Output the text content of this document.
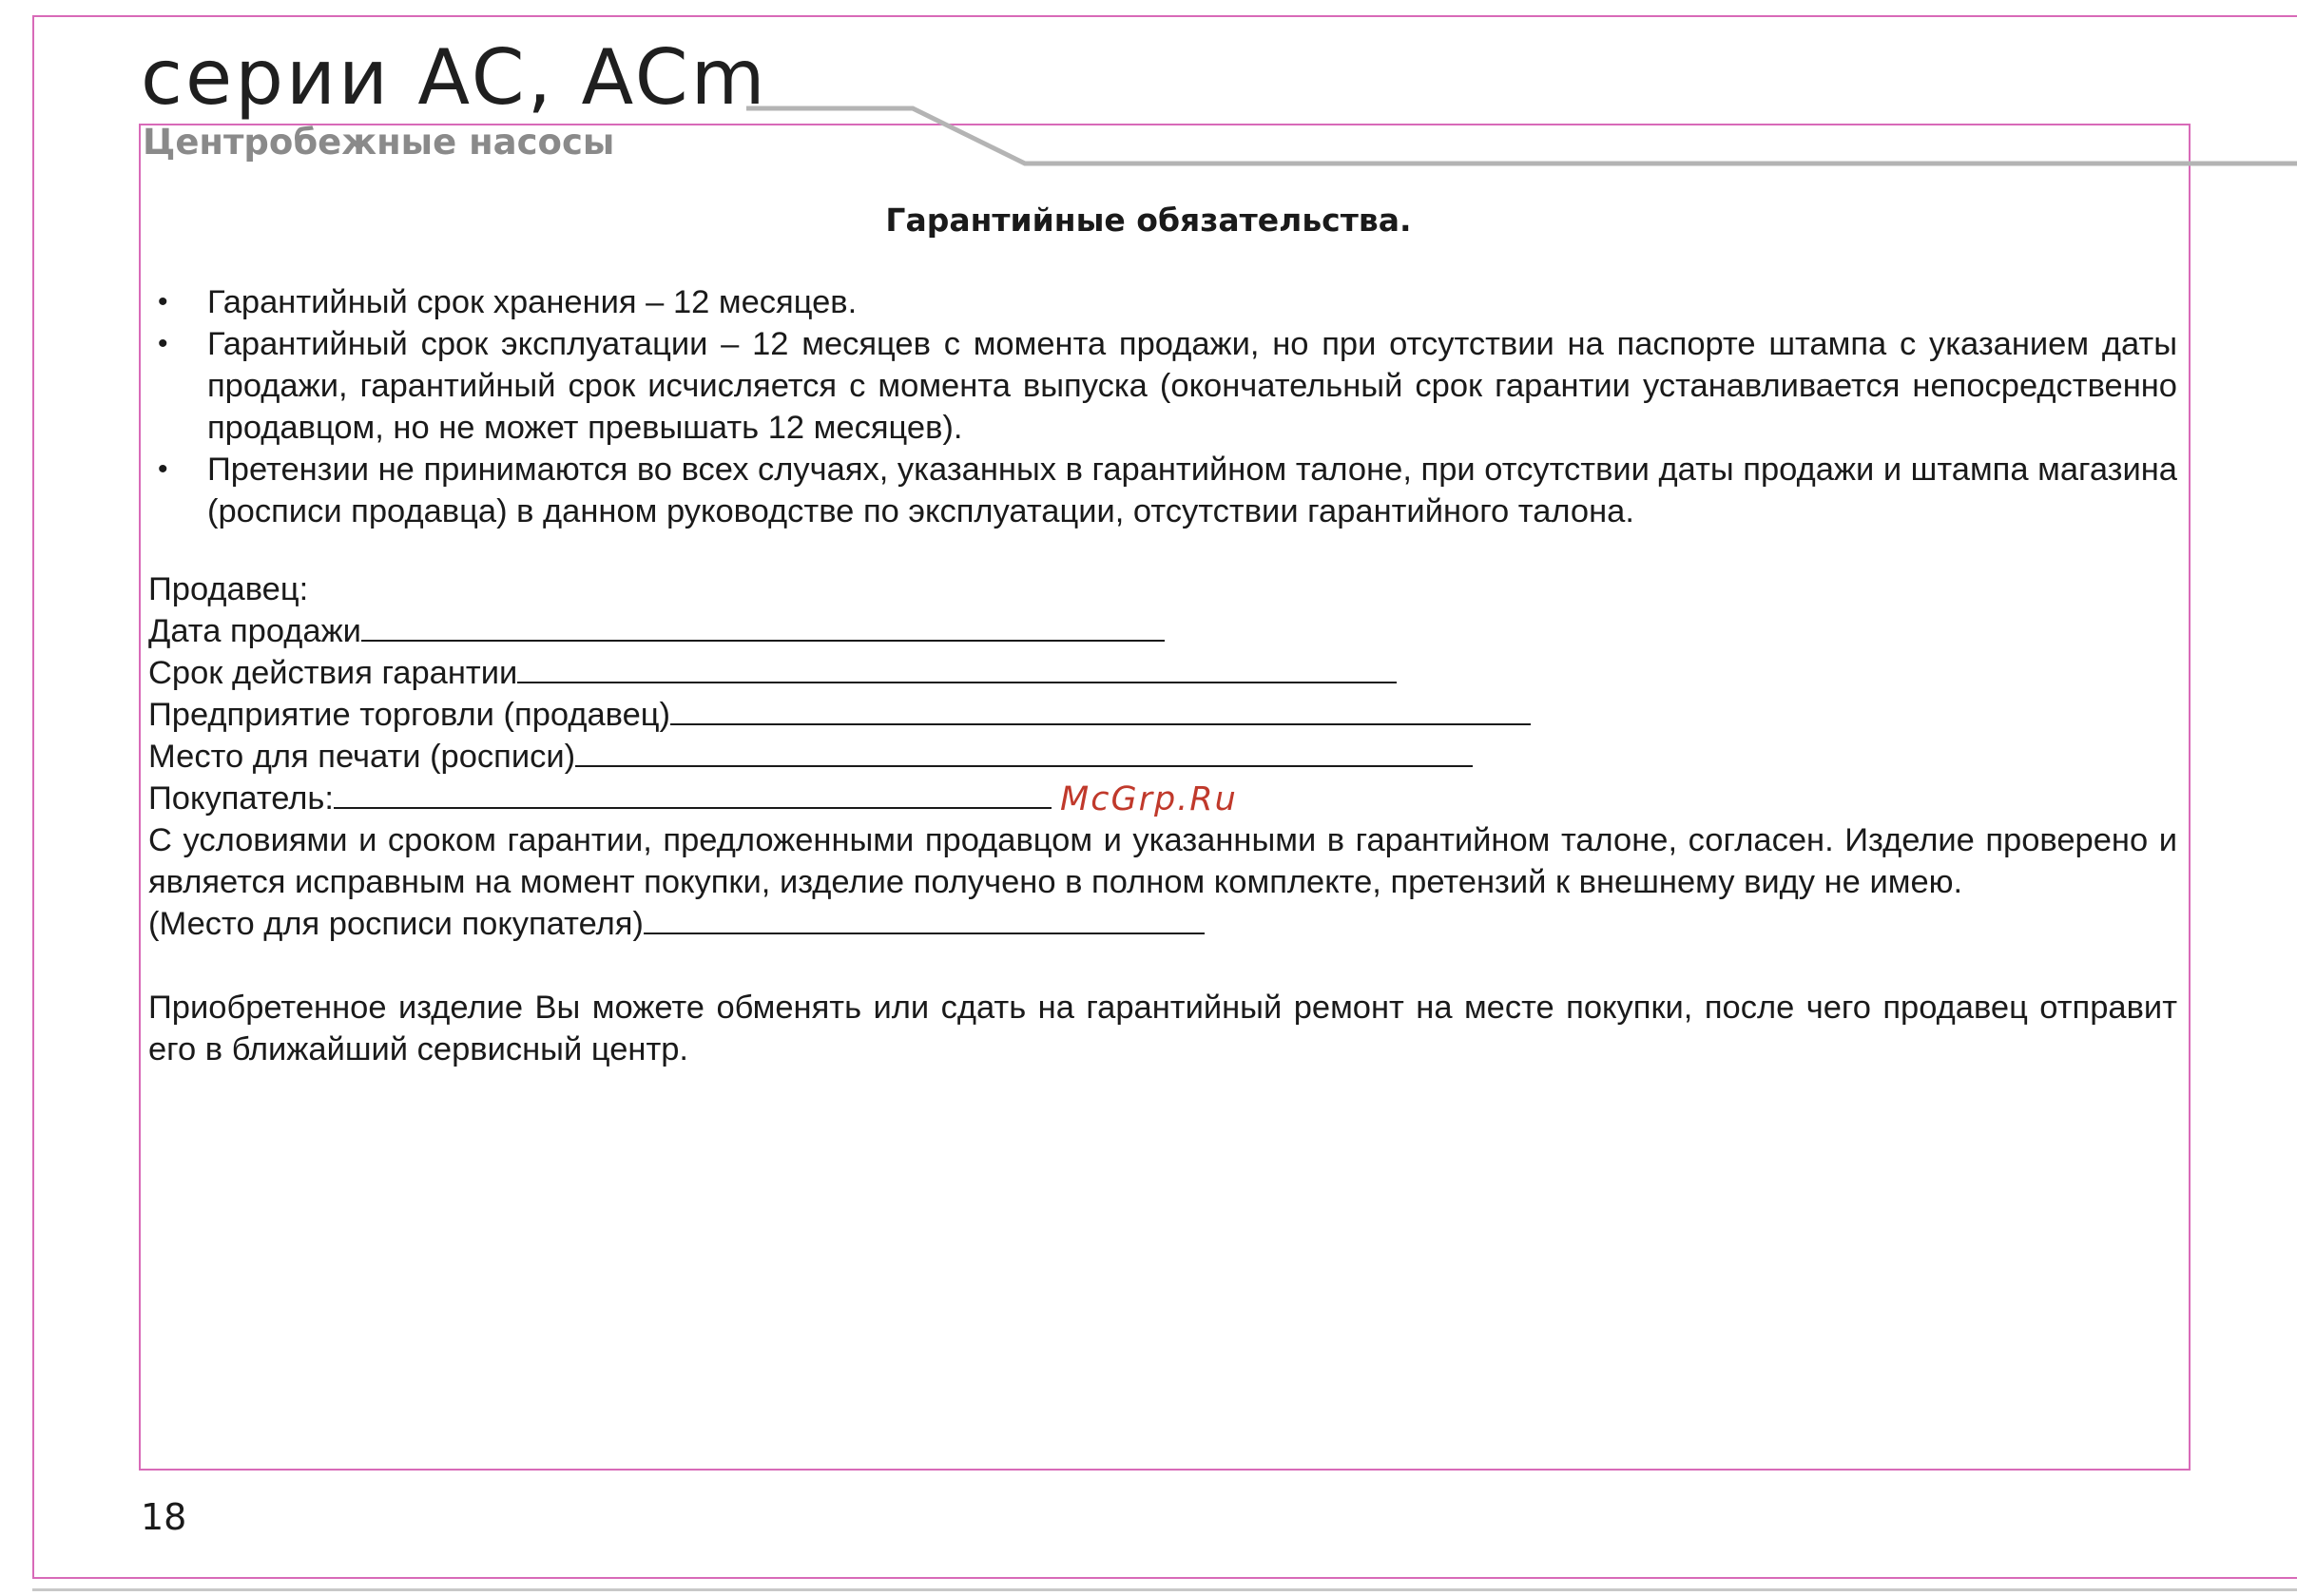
серии AC, ACm
Центробежные насосы
Гарантийные обязательства.
• Гарантийный срок хранения – 12 месяцев.
• Гарантийный срок эксплуатации – 12 месяцев с момента продажи, но при отсутствии на паспорте штампа с указанием даты продажи, гарантийный срок исчисляется с момента выпуска (окончательный срок гарантии устанавливается непосредственно продавцом, но не может превышать 12 месяцев).
• Претензии не принимаются во всех случаях, указанных в гарантийном талоне, при отсутствии даты продажи и штампа магазина (росписи продавца) в данном руководстве по эксплуатации, отсутствии гарантийного талона.
Продавец:
Дата продажи
Срок действия гарантии
Предприятие торговли (продавец)
Место для печати (росписи)
Покупатель:	McGrp.Ru
С условиями и сроком гарантии, предложенными продавцом и указанными в гарантийном талоне, согласен. Изделие проверено и является исправным на момент покупки, изделие получено в полном комплекте, претензий к внешнему виду не имею.
(Место для росписи покупателя)
Приобретенное изделие Вы можете обменять или сдать на гарантийный ремонт на месте покупки, после чего продавец отправит его в ближайший сервисный центр.
18
